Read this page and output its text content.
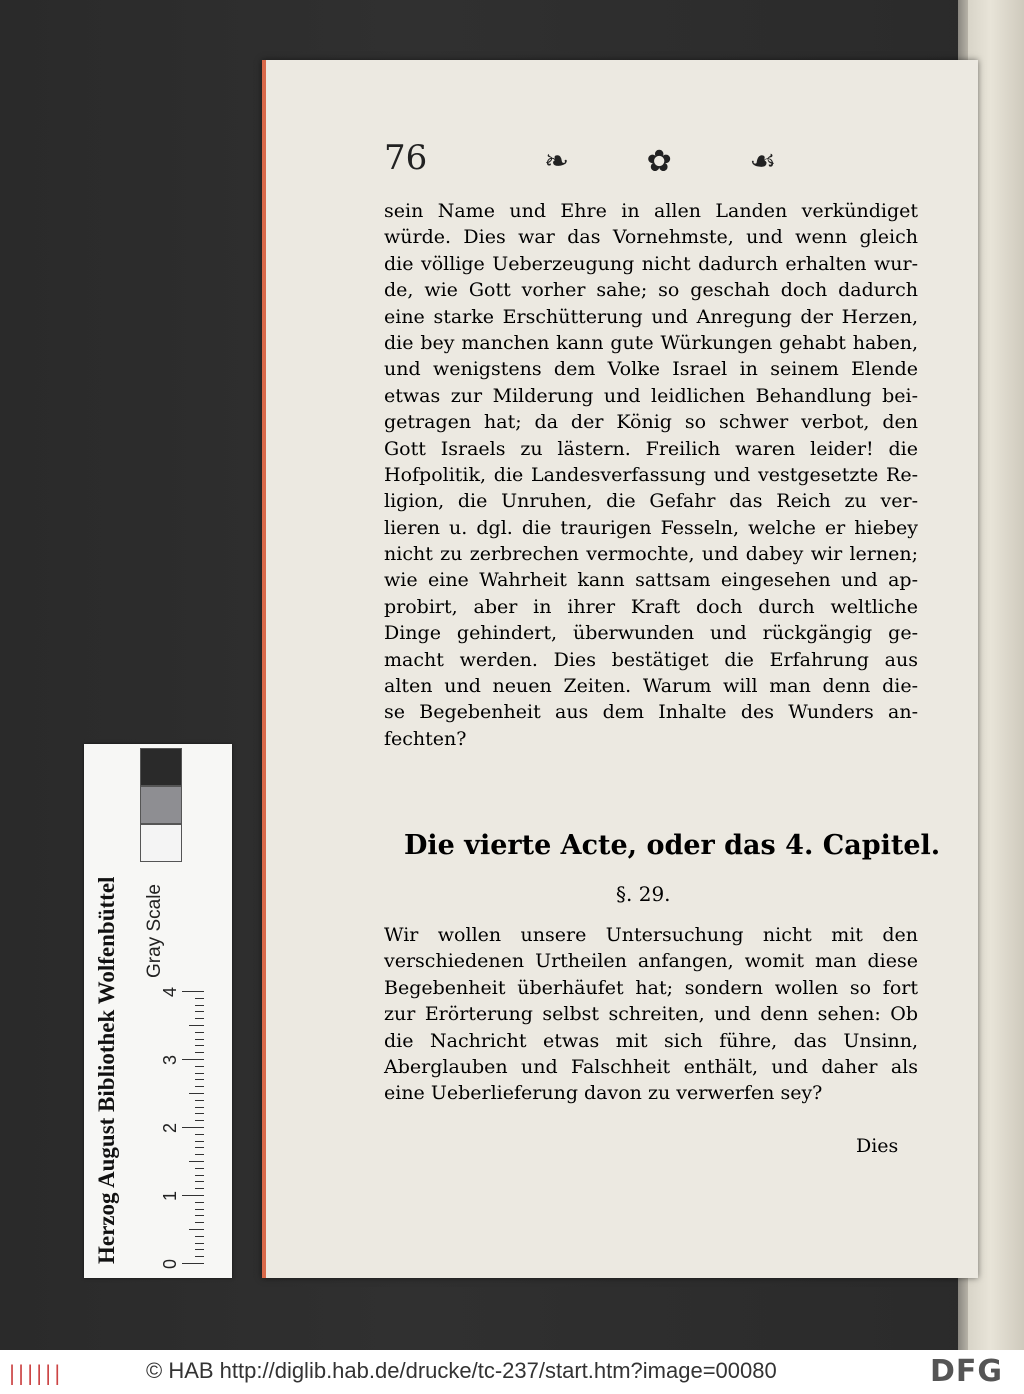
76	❧ ✿ ☙
sein Name und Ehre in allen Landen verkündiget
würde. Dies war das Vornehmste, und wenn gleich
die völlige Ueberzeugung nicht dadurch erhalten wur-
de, wie Gott vorher sahe; so geschah doch dadurch
eine starke Erschütterung und Anregung der Herzen,
die bey manchen kann gute Würkungen gehabt haben,
und wenigstens dem Volke Israel in seinem Elende
etwas zur Milderung und leidlichen Behandlung bei-
getragen hat; da der König so schwer verbot, den
Gott Israels zu lästern. Freilich waren leider! die
Hofpolitik, die Landesverfassung und vestgesetzte Re-
ligion, die Unruhen, die Gefahr das Reich zu ver-
lieren u. dgl. die traurigen Fesseln, welche er hiebey
nicht zu zerbrechen vermochte, und dabey wir lernen;
wie eine Wahrheit kann sattsam eingesehen und ap-
probirt, aber in ihrer Kraft doch durch weltliche
Dinge gehindert, überwunden und rückgängig ge-
macht werden. Dies bestätiget die Erfahrung aus
alten und neuen Zeiten. Warum will man denn die-
se Begebenheit aus dem Inhalte des Wunders an-
fechten?
Die vierte Acte, oder das 4. Capitel.
§. 29.
Wir wollen unsere Untersuchung nicht mit den
verschiedenen Urtheilen anfangen, womit man diese
Begebenheit überhäufet hat; sondern wollen so fort
zur Erörterung selbst schreiten, und denn sehen: Ob
die Nachricht etwas mit sich führe, das Unsinn,
Aberglauben und Falschheit enthält, und daher als
eine Ueberlieferung davon zu verwerfen sey?
Dies
Herzog August Bibliothek Wolfenbüttel Gray Scale
0
1
2
3
4
||||||	© HAB http://diglib.hab.de/drucke/tc-237/start.htm?image=00080	DFG
